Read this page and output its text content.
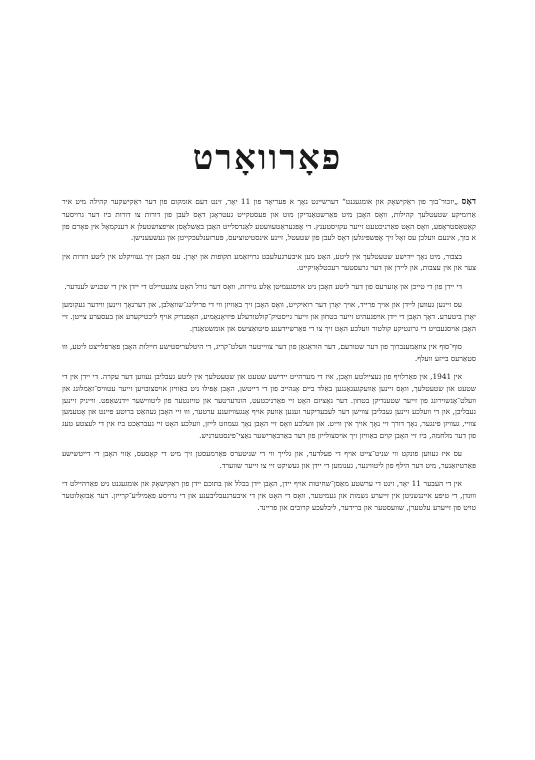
פאָרוואָרט

דאָס „יזכור־בוך פון ראַקישאָק און אומגעגנט“ דערשיינט נאָך א פּעריאָד פון 11 יאָר, זינט דעם אומקום פון דער ראַקישקער קהילה מיט איר אַרומיקע שטעטלעך קהילות, וואָס האָבן מיט פאַרשטאַנדיקן מוט און פעסטקייט געטראָגן דאָס לעבן פון דורות צו דורות ביז דער גרויסער קאַטאַסטראָפע, וואָס האָט פאַרניכטעט זייער עקזיסטענץ. די אָפּגעראַטעוועטע לאַנדסלייט האָבן באַשלאָסן אויפצושטעלן א דענקמאָל אין פאָרם פון א בוך, אינעם וועלכן עס זאָל זיך אָפּשפּיגלען דאָס לעבן פון שטעטל, זיינע אינסטיטוציעס, פּערזענלעכקייטן און געשעענישן.

בצבור, מיט נאָך יידישע שטעטלעך אין ליטע, האָט מען איבערגעלעבט גרויזאַמע תקופות און יאָרן. עס האָבן זיך געוויקלט אין ליטע דורות אין צער און אין עצבות, און ליידן און דער גרעסטער רעכטלאָזיקייט.

די יידן פון די טייכן און אָזערעס פון דער ליטע האָבן ניט אויסגעמיטן אַלע גזירות, וואָס דער גורל האָט צוגעטיילט די יידן אין די שכניש לענדער.

עס זיינען געווען ליידן און אויך פרייד, אויך יאָרן דער רואיקייט, וואָס האָבן זיך באַוויזן ווי די פרילינג־שוואַלבן, און דערנאָך זיינען ווידער געקומען יאָרן ביטערע. דאָך האָבן די יידן אויפגעהיט זייער בטחון און זייער גייסטיק־קולטורעלע פּיזיאָנאָמיע, האָפנדיק אויף ליכטיקערע און בעסערע צייטן. זיי האָבן אויסגעבויט די גרונטיקע קולטור וועלכע האָט זיך צו די פאַרשיידענע סיטואַציעס און אומשטאַנדן.

סוף־סוף אין צוזאַמענברוך פון דער שטורעם, דער הוראַגאַן פון דער צווייטער וועלט־קריג, די היטלעריסטישע חיילות האָבן פאַרפלייצט ליטע, וווּ סטאַרעס בייזע וועלף.

אין 1941, אין פאַרלויף פון געציילטע וואָכן, איז די מערהייט יידישע שטעט און שטעטלעך אין ליטע געבליבן נעווען דער עקרה. די יידן אין די שטעט און שטעטלעך, וואָס זיינען אַוועקגעגאַנגען באַלד ביים אָנהייב פון די דייטשן, האָבן אַפּילו ניט באַוויזן אויסצובויען זייער עטוויס־זאַמלונג און וועלט־אָנשוירונג פון זייער שטענדיקן בטחון. דער נאַציזם האָט זיי פאַרניכטעט, הונדערטער און טויזנטער פון ליטווישער יידנשאַפט. ווייניק זיינען געבליבן, און די וועלכע זיינען געבליבן צווישן דער לעבעדיקער זענען אַוועק אויף אָנגעוויזענע ערטער, וווּ זיי האָבן געהאַט ברוטע פיינט און אָטעמען צוויי, געוויזן פינגער, נאָך דורך זיי נאָך אויך אין ווייט. און וועלכע וואָס זיי האָבן נאָך געמוזט לייזן, וועלכע האָט זיי געבראַכט ביז אין די לעצטע טעג פון דער מלחמה, ביז זיי האָבן קוים באַוויזן זיך אויסצולייזן פון דער באַרבאַרישער נאַצי־פינסטערניש.

עס איז געווען פונקט ווי שניט־צייט אויף די פעלדער, און גלייך ווי די שניטערס פאַרמעסטן זיך מיט די קאָסעס, אַזוי האָבן די דייטשישע פּאַרטיזאַנער, מיט דער הילף פון ליטווינער, גענומען די יידן און געשיקט זיי צו זייער שווערד.

אין די העבער 11 יאָר, זינט די ערשטע מאַסן־שחיטות אויף יידן, האָבן יידן בכלל און בתוכם יידן פון ראַקישאָק און אומגעגנט ניט פאַרהיילט די וווּנדן, די טיפע אייננשניטן אין זייערע נשמות און געמיטער, וואָס די האָט אין די איבערגעבליבענע און די גרויסע פאַמיליע־קרייזן. דער אַבזאָלוטער טויט פון זייערע עלטערן, שוועסטער און ברידער, ליבלעכע קרובים און פריינד.
